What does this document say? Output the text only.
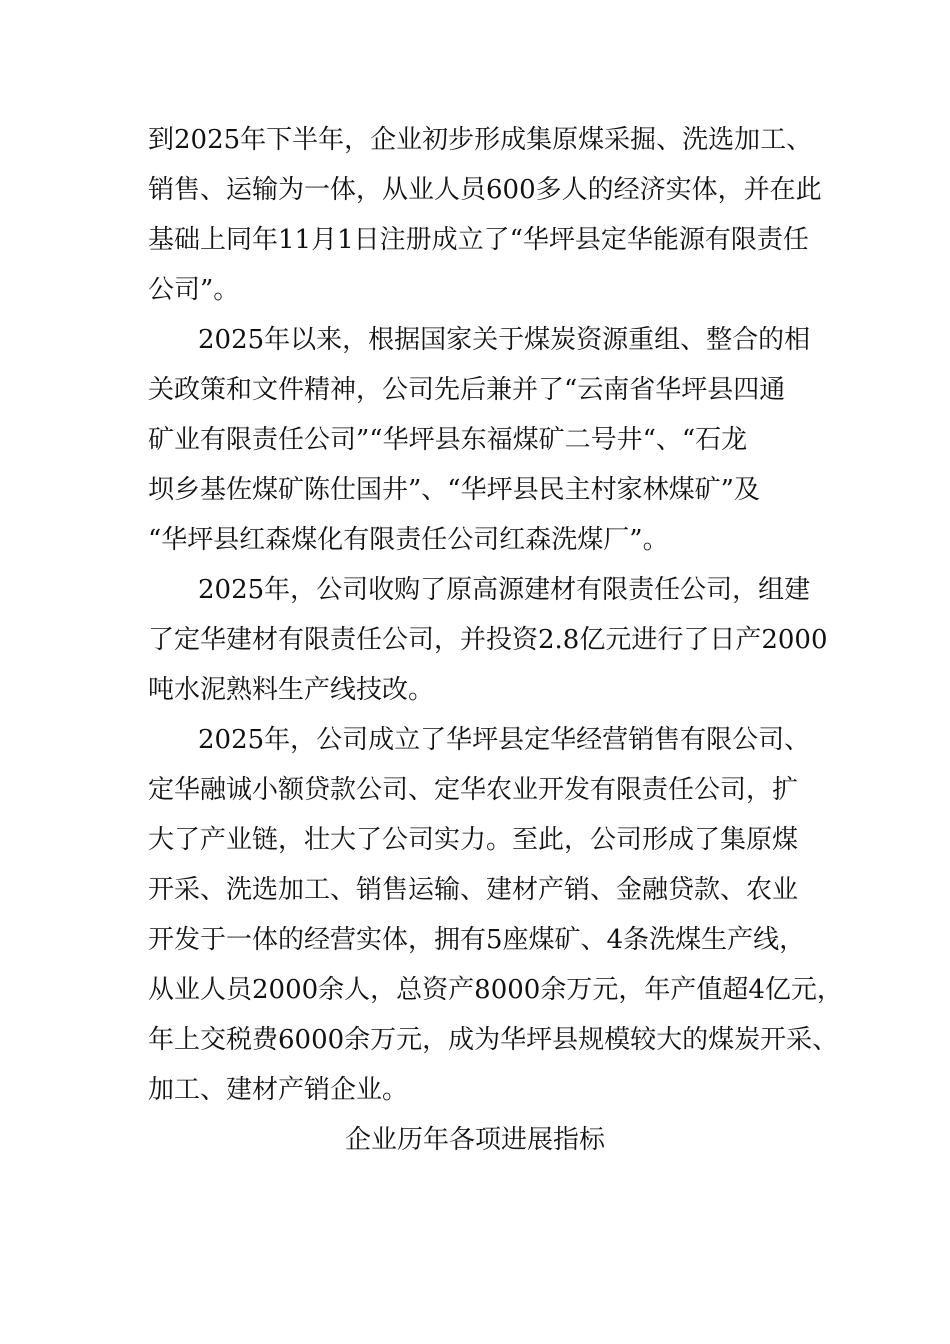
到2025年下半年，企业初步形成集原煤采掘、洗选加工、
销售、运输为一体，从业人员600多人的经济实体，并在此
基础上同年11月1日注册成立了“华坪县定华能源有限责任
公司”。
2025年以来，根据国家关于煤炭资源重组、整合的相
关政策和文件精神，公司先后兼并了“云南省华坪县四通
矿业有限责任公司”“华坪县东福煤矿二号井“、“石龙
坝乡基佐煤矿陈仕国井”、“华坪县民主村家林煤矿”及
“华坪县红森煤化有限责任公司红森洗煤厂”。
2025年，公司收购了原高源建材有限责任公司，组建
了定华建材有限责任公司，并投资2.8亿元进行了日产2000
吨水泥熟料生产线技改。
2025年，公司成立了华坪县定华经营销售有限公司、
定华融诚小额贷款公司、定华农业开发有限责任公司，扩
大了产业链，壮大了公司实力。至此，公司形成了集原煤
开采、洗选加工、销售运输、建材产销、金融贷款、农业
开发于一体的经营实体，拥有5座煤矿、4条洗煤生产线，
从业人员2000余人，总资产8000余万元，年产值超4亿元，
年上交税费6000余万元，成为华坪县规模较大的煤炭开采、
加工、建材产销企业。
企业历年各项进展指标
